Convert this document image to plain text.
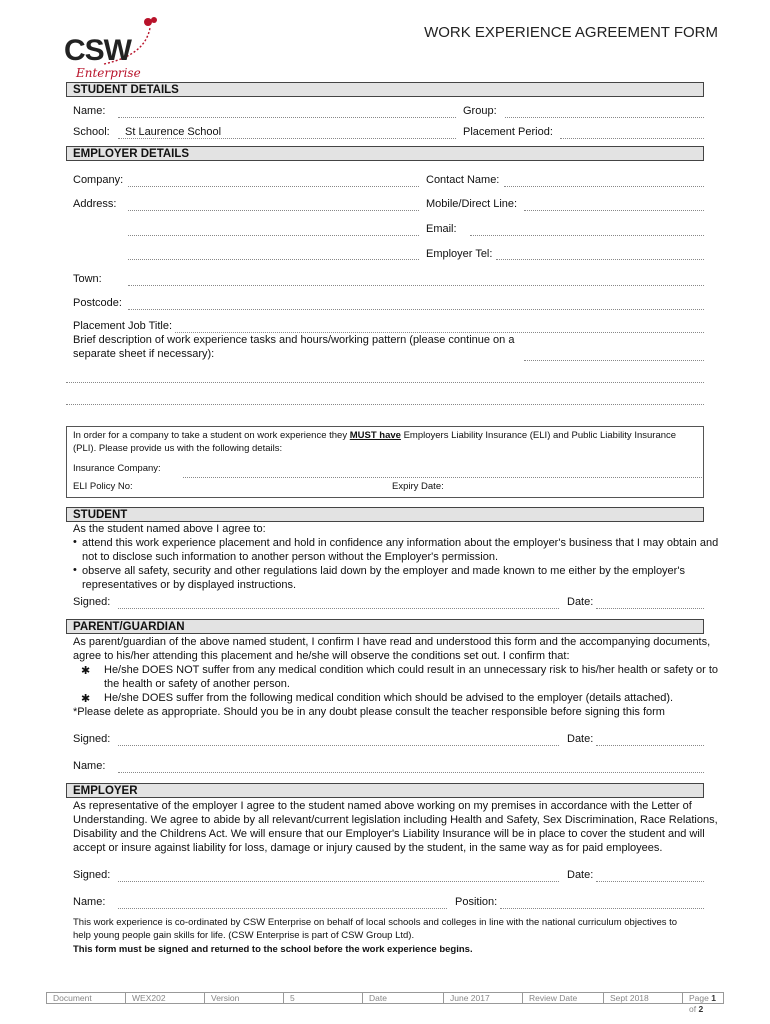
CSW
Enterprise
WORK EXPERIENCE AGREEMENT FORM
STUDENT DETAILS
Name:	Group:
School: St Laurence School	Placement Period:
EMPLOYER DETAILS
Company:	Contact Name:
Address:	Mobile/Direct Line:
Email:
Employer Tel:
Town:
Postcode:
Placement Job Title:
Brief description of work experience tasks and hours/working pattern (please continue on a
separate sheet if necessary):
In order for a company to take a student on work experience they MUST have Employers Liability Insurance (ELI) and Public Liability Insurance
(PLI). Please provide us with the following details:
Insurance Company:
ELI Policy No:	Expiry Date:
STUDENT
As the student named above I agree to:
• attend this work experience placement and hold in confidence any information about the employer's business that I may obtain and
not to disclose such information to another person without the Employer's permission.
• observe all safety, security and other regulations laid down by the employer and made known to me either by the employer's
representatives or by displayed instructions.
Signed:	Date:
PARENT/GUARDIAN
As parent/guardian of the above named student, I confirm I have read and understood this form and the accompanying documents,
agree to his/her attending this placement and he/she will observe the conditions set out. I confirm that:
✱ He/she DOES NOT suffer from any medical condition which could result in an unnecessary risk to his/her health or safety or to
the health or safety of another person.
✱ He/she DOES suffer from the following medical condition which should be advised to the employer (details attached).
*Please delete as appropriate. Should you be in any doubt please consult the teacher responsible before signing this form
Signed:	Date:
Name:
EMPLOYER
As representative of the employer I agree to the student named above working on my premises in accordance with the Letter of
Understanding. We agree to abide by all relevant/current legislation including Health and Safety, Sex Discrimination, Race Relations,
Disability and the Childrens Act. We will ensure that our Employer's Liability Insurance will be in place to cover the student and will
accept or insure against liability for loss, damage or injury caused by the student, in the same way as for paid employees.
Signed:	Date:
Name:	Position:
This work experience is co-ordinated by CSW Enterprise on behalf of local schools and colleges in line with the national curriculum objectives to
help young people gain skills for life. (CSW Enterprise is part of CSW Group Ltd).
This form must be signed and returned to the school before the work experience begins.
Document	WEX202	Version	5	Date	June 2017	Review Date	Sept 2018	Page 1 of 2
